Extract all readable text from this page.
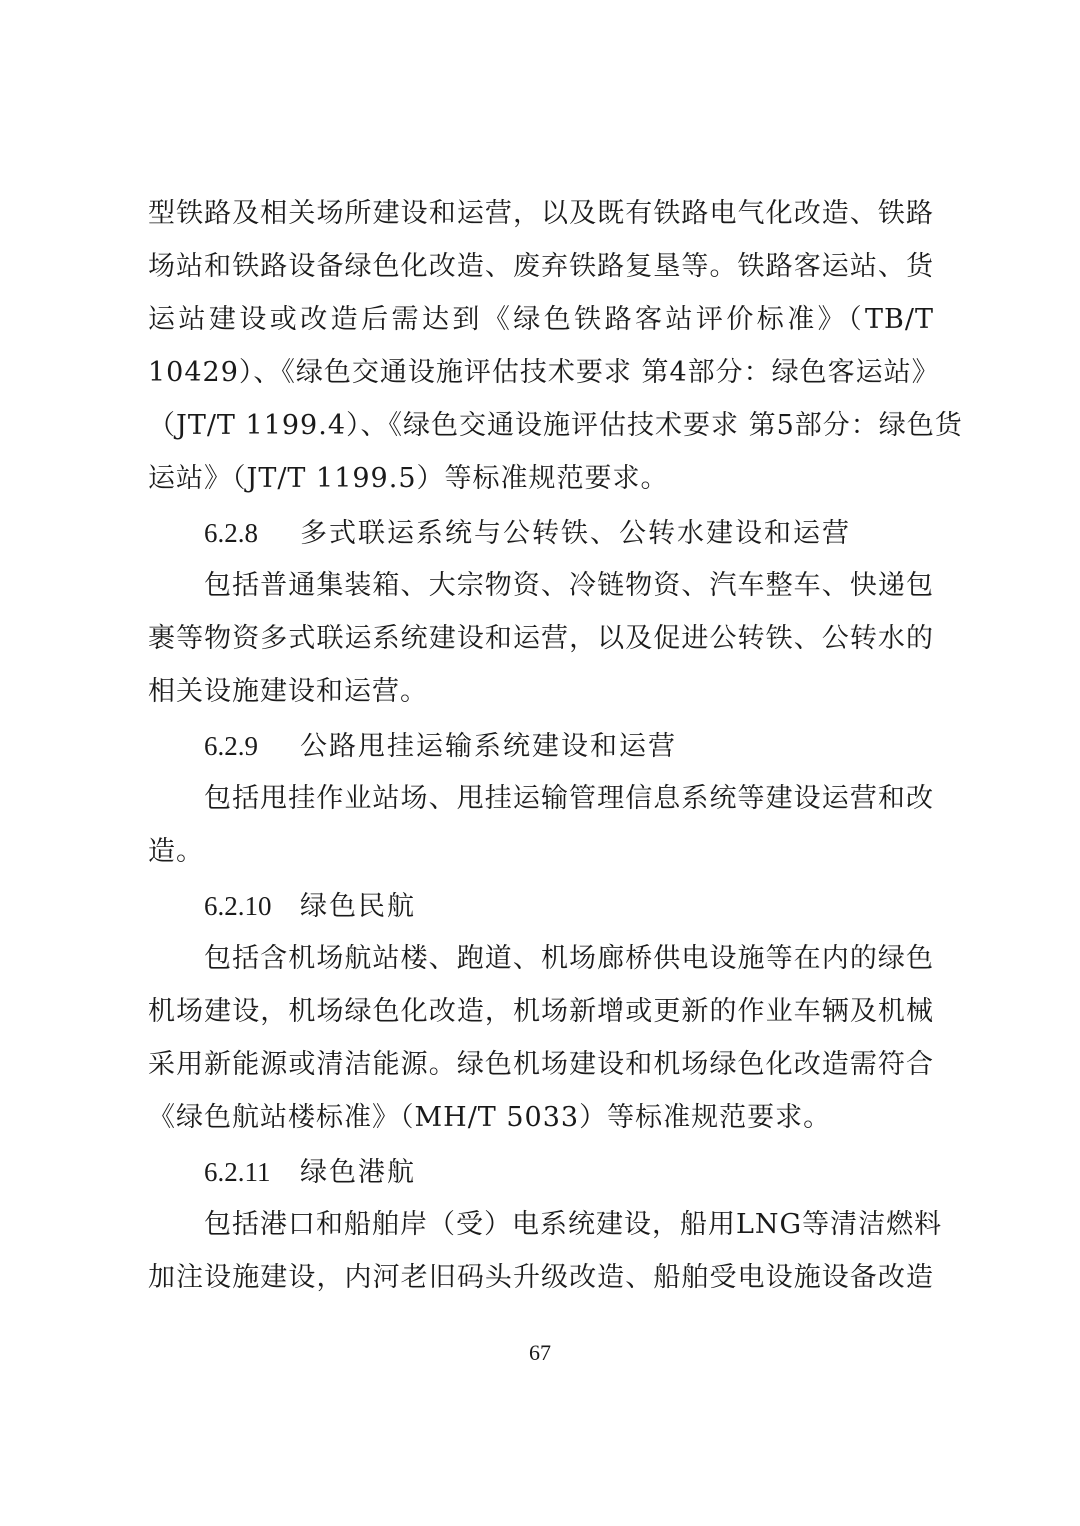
型铁路及相关场所建设和运营，以及既有铁路电气化改造、铁路
场站和铁路设备绿色化改造、废弃铁路复垦等。铁路客运站、货
运站建设或改造后需达到《绿色铁路客站评价标准》（TB/T
10429）、《绿色交通设施评估技术要求 第4部分：绿色客运站》
（JT/T 1199.4）、《绿色交通设施评估技术要求 第5部分：绿色货
运站》（JT/T 1199.5）等标准规范要求。
6.2.8 多式联运系统与公转铁、公转水建设和运营
包括普通集装箱、大宗物资、冷链物资、汽车整车、快递包
裹等物资多式联运系统建设和运营，以及促进公转铁、公转水的
相关设施建设和运营。
6.2.9 公路甩挂运输系统建设和运营
包括甩挂作业站场、甩挂运输管理信息系统等建设运营和改
造。
6.2.10 绿色民航
包括含机场航站楼、跑道、机场廊桥供电设施等在内的绿色
机场建设，机场绿色化改造，机场新增或更新的作业车辆及机械
采用新能源或清洁能源。绿色机场建设和机场绿色化改造需符合
《绿色航站楼标准》（MH/T 5033）等标准规范要求。
6.2.11 绿色港航
包括港口和船舶岸（受）电系统建设，船用LNG等清洁燃料
加注设施建设，内河老旧码头升级改造、船舶受电设施设备改造
67
